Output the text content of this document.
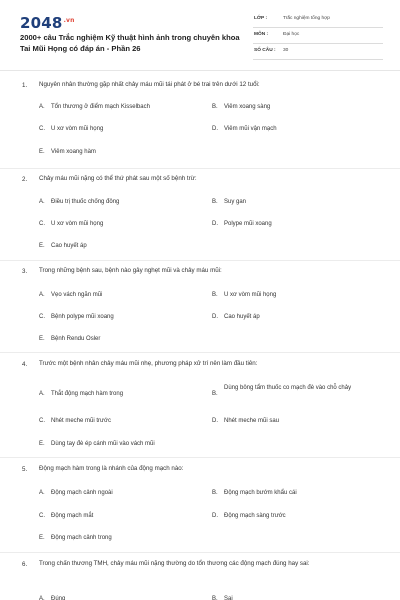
$2048^{.vn}$
2000+ câu Trắc nghiệm Kỹ thuật hình ảnh trong chuyên khoa Tai Mũi Họng có đáp án - Phần 26
LỚP :	Trắc nghiệm tổng hợp
MÔN :	Đại học
SỐ CÂU : 30
1. Nguyên nhân thường gặp nhất chảy máu mũi tái phát ở bé trai trên dưới 12 tuổi:
A. Tổn thương ở điểm mạch Kisselbach	B. Viêm xoang sàng
C. U xơ vòm mũi họng	D. Viêm mũi vận mạch
E. Viêm xoang hàm
2. Chảy máu mũi nặng có thể thứ phát sau một số bệnh trừ:
A. Điều trị thuốc chống đông	B. Suy gan
C. U xơ vòm mũi họng	D. Polype mũi xoang
E. Cao huyết áp
3. Trong những bệnh sau, bệnh nào gây nghẹt mũi và chảy máu mũi:
A. Vẹo vách ngăn mũi	B. U xơ vòm mũi họng
C. Bệnh polype mũi xoang	D. Cao huyết áp
E. Bệnh Rendu Osler
4. Trước một bệnh nhân chảy máu mũi nhẹ, phương pháp xử trí nên làm đầu tiên:
A. Thắt động mạch hàm trong	B.
Dùng bông tẩm thuốc co mạch đè vào chỗ chảy
C. Nhét meche mũi trước	D. Nhét meche mũi sau
E. Dùng tay đè ép cánh mũi vào vách mũi
5. Động mạch hàm trong là nhánh của động mạch nào:
A. Động mạch cảnh ngoài	B. Động mạch bướm khẩu cái
C. Động mạch mắt	D. Động mạch sàng trước
E. Động mạch cảnh trong
6. Trong chấn thương TMH, chảy máu mũi nặng thường do tổn thương các động mạch đúng hay sai:
A. Đúng	B. Sai
